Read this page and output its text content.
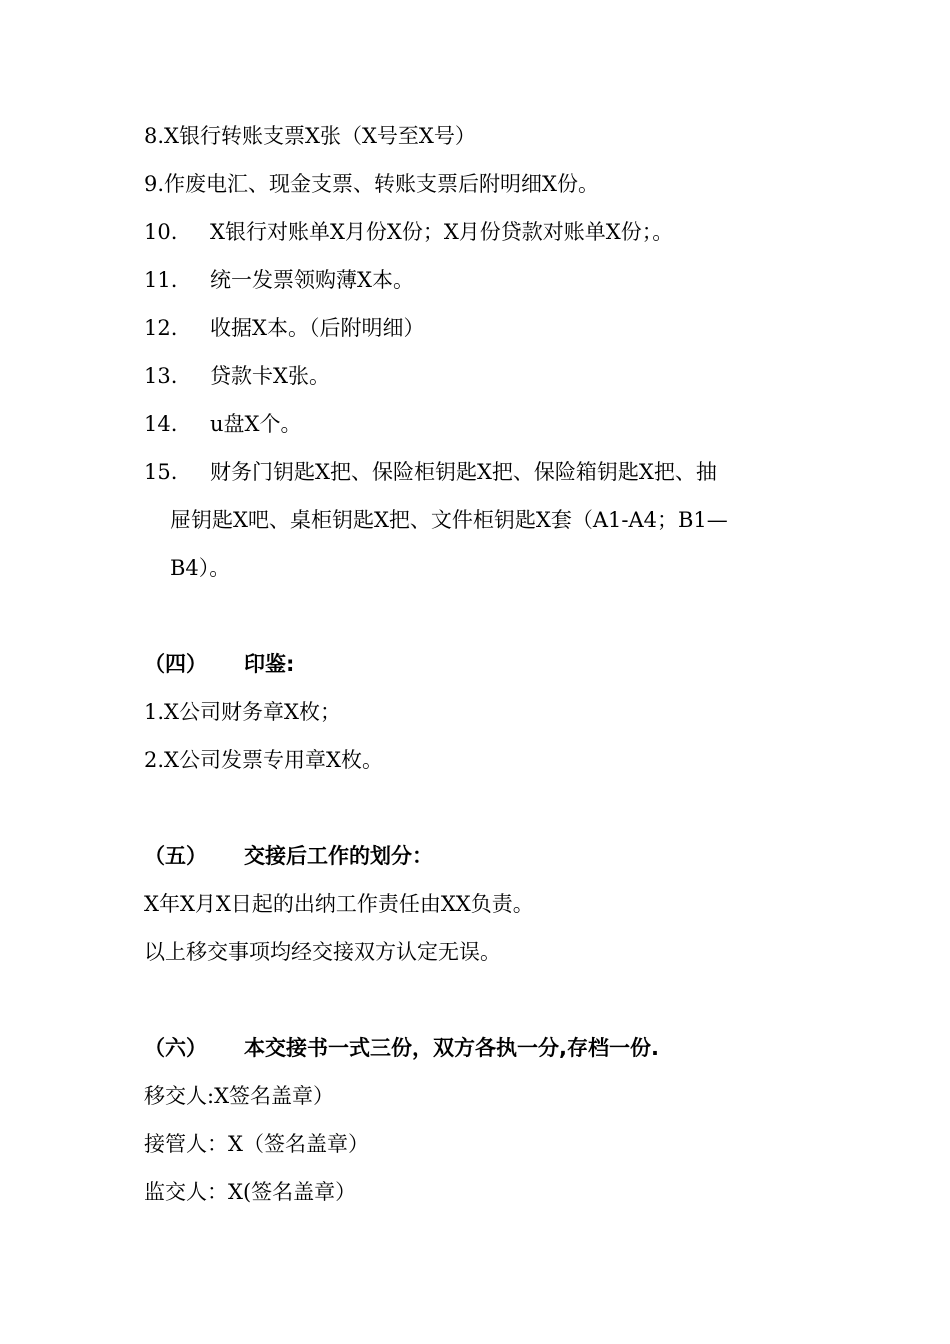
8.X银行转账支票X张（X号至X号）
9.作废电汇、现金支票、转账支票后附明细X份。
10. X银行对账单X月份X份；X月份贷款对账单X份；。
11. 统一发票领购薄X本。
12. 收据X本。（后附明细）
13. 贷款卡X张。
14. u盘X个。
15. 财务门钥匙X把、保险柜钥匙X把、保险箱钥匙X把、抽
屉钥匙X吧、桌柜钥匙X把、文件柜钥匙X套（A1-A4；B1—
B4）。
（四） 印鉴:
1.X公司财务章X枚；
2.X公司发票专用章X枚。
（五） 交接后工作的划分：
X年X月X日起的出纳工作责任由XX负责。
以上移交事项均经交接双方认定无误。
（六） 本交接书一式三份，双方各执一分,存档一份.
移交人:X签名盖章）
接管人：X（签名盖章）
监交人：X(签名盖章）
